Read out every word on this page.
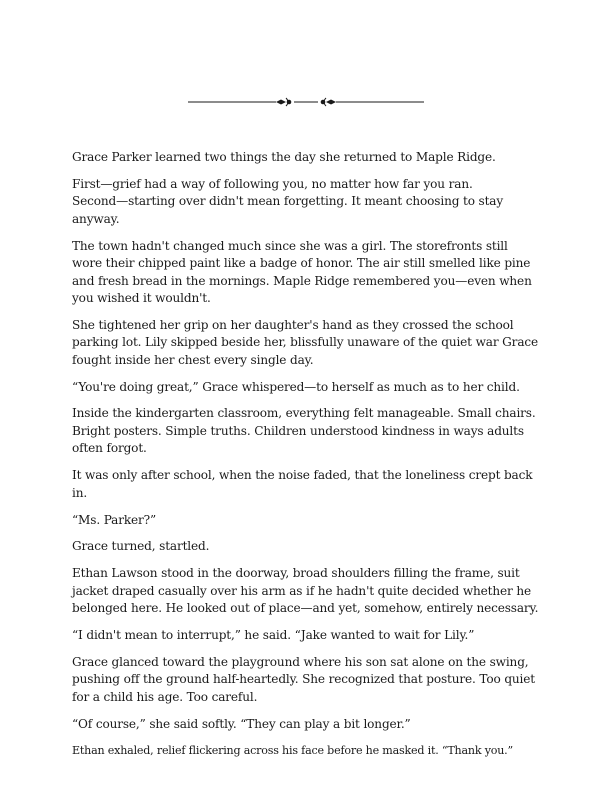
Grace Parker learned two things the day she returned to Maple Ridge.

First—grief had a way of following you, no matter how far you ran.
Second—starting over didn't mean forgetting. It meant choosing to stay anyway.

The town hadn't changed much since she was a girl. The storefronts still wore their chipped paint like a badge of honor. The air still smelled like pine and fresh bread in the mornings. Maple Ridge remembered you—even when you wished it wouldn't.

She tightened her grip on her daughter's hand as they crossed the school parking lot. Lily skipped beside her, blissfully unaware of the quiet war Grace fought inside her chest every single day.

“You're doing great,” Grace whispered—to herself as much as to her child.

Inside the kindergarten classroom, everything felt manageable. Small chairs. Bright posters. Simple truths. Children understood kindness in ways adults often forgot.

It was only after school, when the noise faded, that the loneliness crept back in.

“Ms. Parker?”

Grace turned, startled.

Ethan Lawson stood in the doorway, broad shoulders filling the frame, suit jacket draped casually over his arm as if he hadn't quite decided whether he belonged here. He looked out of place—and yet, somehow, entirely necessary.

“I didn't mean to interrupt,” he said. “Jake wanted to wait for Lily.”

Grace glanced toward the playground where his son sat alone on the swing, pushing off the ground half-heartedly. She recognized that posture. Too quiet for a child his age. Too careful.

“Of course,” she said softly. “They can play a bit longer.”

Ethan exhaled, relief flickering across his face before he masked it. “Thank you.”
